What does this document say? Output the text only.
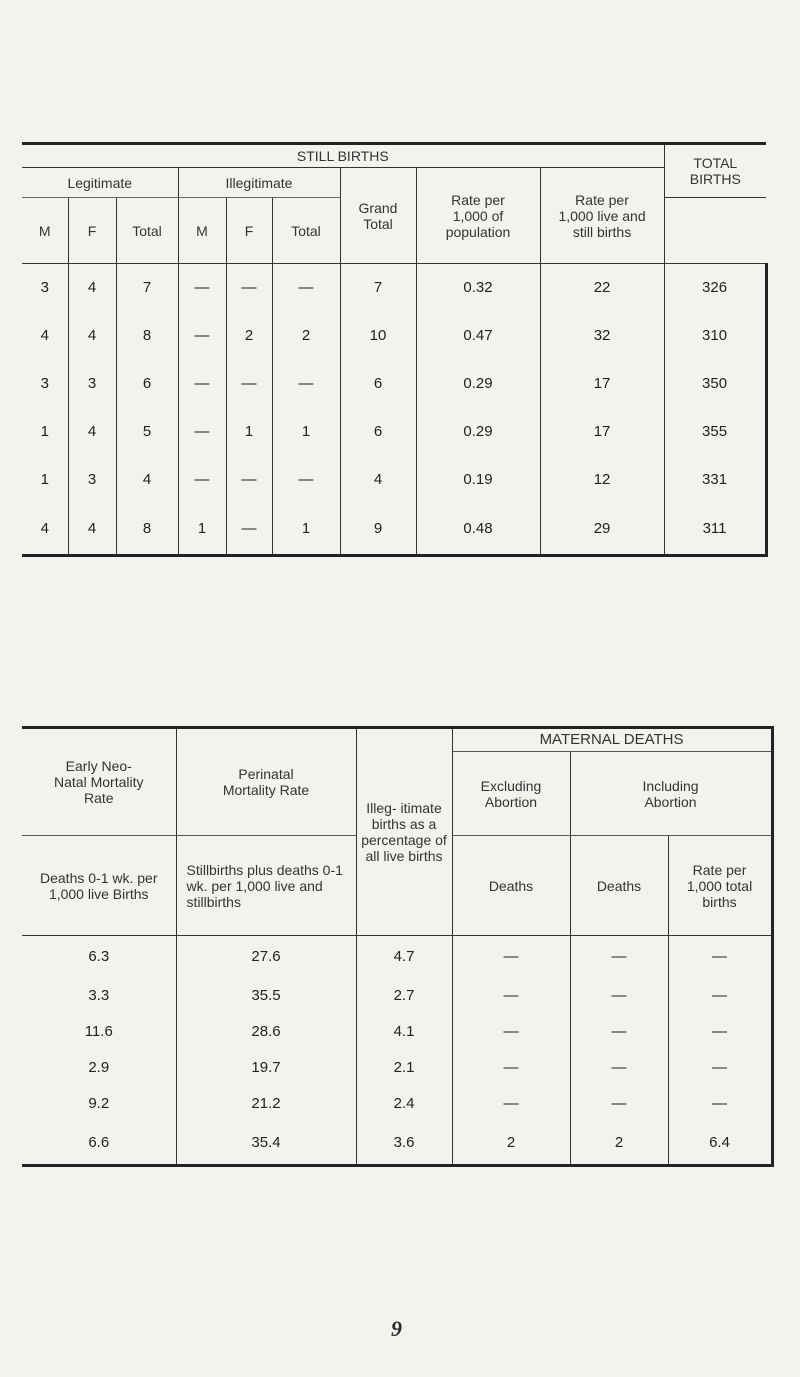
STILL BIRTHS									TOTAL BIRTHS
Legitimate			Illegitimate			Grand Total	Rate per 1,000 of population	Rate per 1,000 live and still births	
M	F	Total	M	F	Total				
3	4	7	—	—	—	7	0.32	22	326
4	4	8	—	2	2	10	0.47	32	310
3	3	6	—	—	—	6	0.29	17	350
1	4	5	—	1	1	6	0.29	17	355
1	3	4	—	—	—	4	0.19	12	331
4	4	8	1	—	1	9	0.48	29	311
Early Neo-Natal Mortality Rate	Perinatal Mortality Rate	Illeg- itimate births as a percentage of all live births	MATERNAL DEATHS		
			Excluding Abortion	Including Abortion	
Deaths 0-1 wk. per 1,000 live Births	Stillbirths plus deaths 0-1 wk. per 1,000 live and stillbirths		Deaths	Deaths	Rate per 1,000 total births
6.3	27.6	4.7	—	—	—
3.3	35.5	2.7	—	—	—
11.6	28.6	4.1	—	—	—
2.9	19.7	2.1	—	—	—
9.2	21.2	2.4	—	—	—
6.6	35.4	3.6	2	2	6.4
9
